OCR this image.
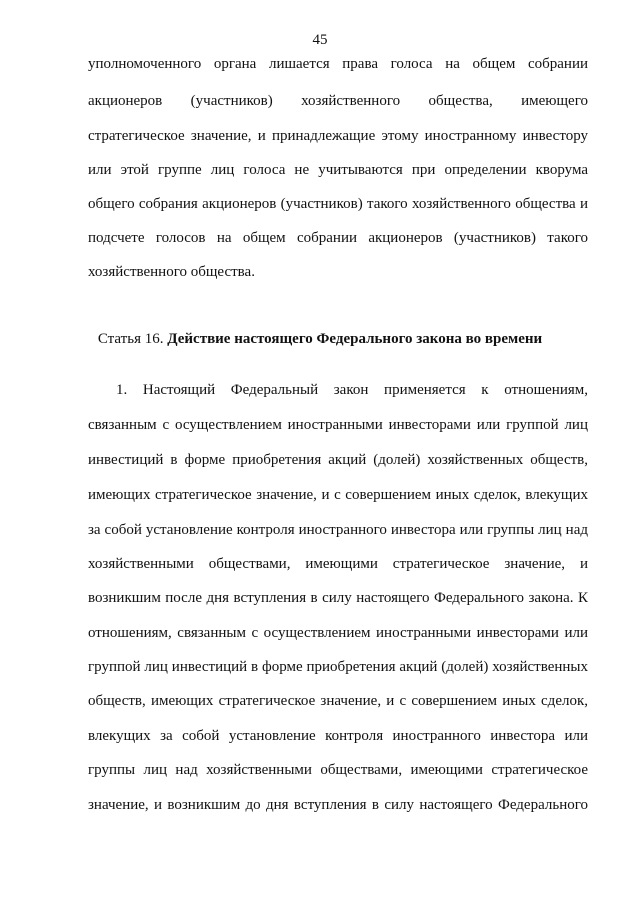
45
уполномоченного органа лишается права голоса на общем собрании
акционеров (участников) хозяйственного общества, имеющего
стратегическое значение, и принадлежащие этому иностранному инвестору
или этой группе лиц голоса не учитываются при определении кворума
общего собрания акционеров (участников) такого хозяйственного общества и
подсчете голосов на общем собрании акционеров (участников) такого
хозяйственного общества.
Статья 16. Действие настоящего Федерального закона во времени
1. Настоящий Федеральный закон применяется к отношениям,
связанным с осуществлением иностранными инвесторами или группой лиц
инвестиций в форме приобретения акций (долей) хозяйственных обществ,
имеющих стратегическое значение, и с совершением иных сделок, влекущих
за собой установление контроля иностранного инвестора или группы лиц над
хозяйственными обществами, имеющими стратегическое значение, и
возникшим после дня вступления в силу настоящего Федерального закона. К
отношениям, связанным с осуществлением иностранными инвесторами или
группой лиц инвестиций в форме приобретения акций (долей) хозяйственных
обществ, имеющих стратегическое значение, и с совершением иных сделок,
влекущих за собой установление контроля иностранного инвестора или
группы лиц над хозяйственными обществами, имеющими стратегическое
значение, и возникшим до дня вступления в силу настоящего Федерального
